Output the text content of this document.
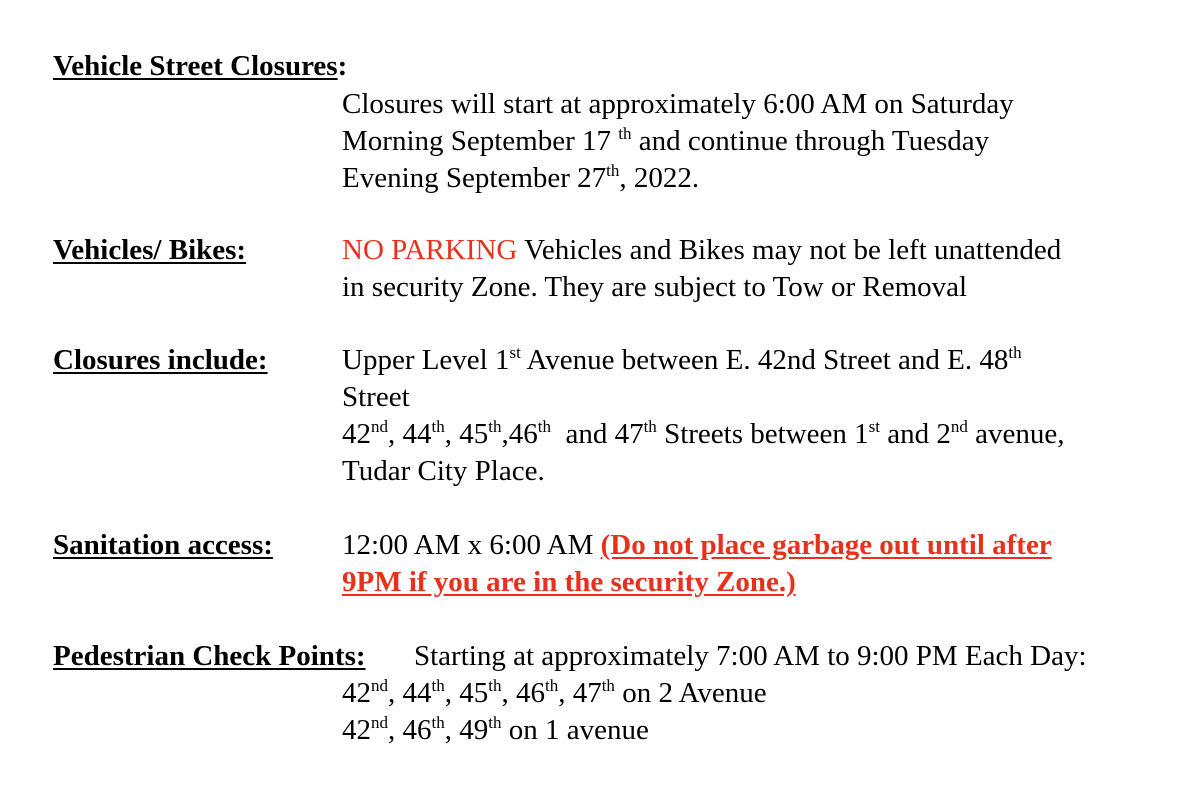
Vehicle Street Closures:
Closures will start at approximately 6:00 AM on Saturday
Morning September 17 $^{th}$ and continue through Tuesday
Evening September 27th, 2022.
Vehicles/ Bikes:	NO PARKING Vehicles and Bikes may not be left unattended
in security Zone. They are subject to Tow or Removal
Closures include:	Upper Level 1st Avenue between E. 42nd Street and E. 48th
Street
42nd, 44th, 45th,46th  and 47th Streets between 1st and 2nd avenue,
Tudar City Place.
Sanitation access: 12:00 AM x 6:00 AM (Do not place garbage out until after
9PM if you are in the security Zone.)
Pedestrian Check Points: Starting at approximately 7:00 AM to 9:00 PM Each Day:
42nd, 44th, 45th, 46th, 47th on 2 Avenue
42nd, 46th, 49th on 1 avenue
